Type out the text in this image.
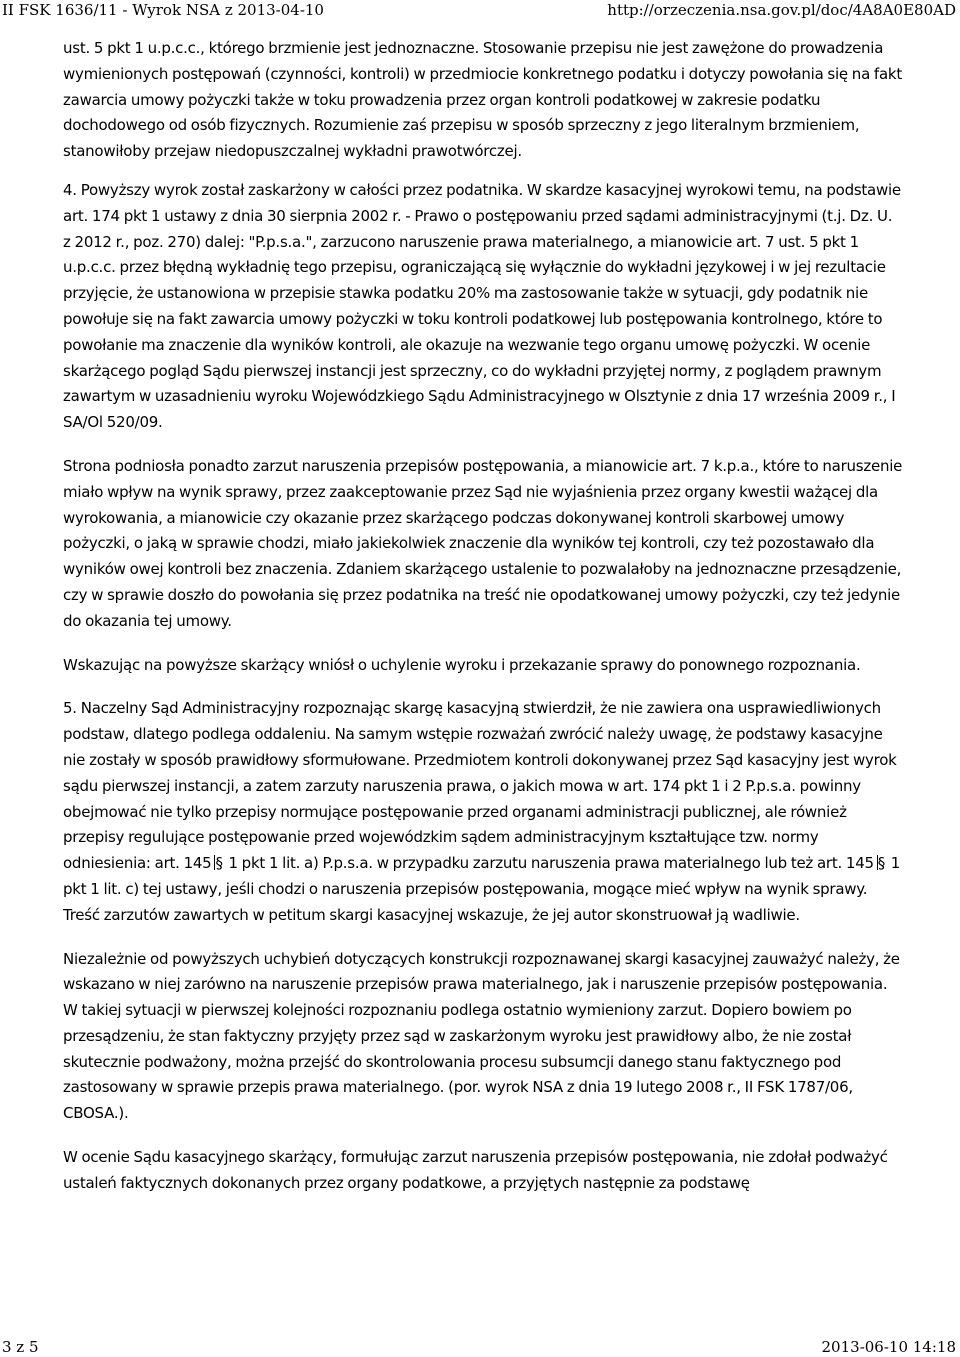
II FSK 1636/11 - Wyrok NSA z 2013-04-10	http://orzeczenia.nsa.gov.pl/doc/4A8A0E80AD

ust. 5 pkt 1 u.p.c.c., którego brzmienie jest jednoznaczne. Stosowanie przepisu nie jest zawężone do prowadzenia wymienionych postępowań (czynności, kontroli) w przedmiocie konkretnego podatku i dotyczy powołania się na fakt zawarcia umowy pożyczki także w toku prowadzenia przez organ kontroli podatkowej w zakresie podatku dochodowego od osób fizycznych. Rozumienie zaś przepisu w sposób sprzeczny z jego literalnym brzmieniem, stanowiłoby przejaw niedopuszczalnej wykładni prawotwórczej.

4. Powyższy wyrok został zaskarżony w całości przez podatnika. W skardze kasacyjnej wyrokowi temu, na podstawie art. 174 pkt 1 ustawy z dnia 30 sierpnia 2002 r. - Prawo o postępowaniu przed sądami administracyjnymi (t.j. Dz. U. z 2012 r., poz. 270) dalej: "P.p.s.a.", zarzucono naruszenie prawa materialnego, a mianowicie art. 7 ust. 5 pkt 1 u.p.c.c. przez błędną wykładnię tego przepisu, ograniczającą się wyłącznie do wykładni językowej i w jej rezultacie przyjęcie, że ustanowiona w przepisie stawka podatku 20% ma zastosowanie także w sytuacji, gdy podatnik nie powołuje się na fakt zawarcia umowy pożyczki w toku kontroli podatkowej lub postępowania kontrolnego, które to powołanie ma znaczenie dla wyników kontroli, ale okazuje na wezwanie tego organu umowę pożyczki. W ocenie skarżącego pogląd Sądu pierwszej instancji jest sprzeczny, co do wykładni przyjętej normy, z poglądem prawnym zawartym w uzasadnieniu wyroku Wojewódzkiego Sądu Administracyjnego w Olsztynie z dnia 17 września 2009 r., I SA/Ol 520/09.

Strona podniosła ponadto zarzut naruszenia przepisów postępowania, a mianowicie art. 7 k.p.a., które to naruszenie miało wpływ na wynik sprawy, przez zaakceptowanie przez Sąd nie wyjaśnienia przez organy kwestii ważącej dla wyrokowania, a mianowicie czy okazanie przez skarżącego podczas dokonywanej kontroli skarbowej umowy pożyczki, o jaką w sprawie chodzi, miało jakiekolwiek znaczenie dla wyników tej kontroli, czy też pozostawało dla wyników owej kontroli bez znaczenia. Zdaniem skarżącego ustalenie to pozwalałoby na jednoznaczne przesądzenie, czy w sprawie doszło do powołania się przez podatnika na treść nie opodatkowanej umowy pożyczki, czy też jedynie do okazania tej umowy.

Wskazując na powyższe skarżący wniósł o uchylenie wyroku i przekazanie sprawy do ponownego rozpoznania.

5. Naczelny Sąd Administracyjny rozpoznając skargę kasacyjną stwierdził, że nie zawiera ona usprawiedliwionych podstaw, dlatego podlega oddaleniu. Na samym wstępie rozważań zwrócić należy uwagę, że podstawy kasacyjne nie zostały w sposób prawidłowy sformułowane. Przedmiotem kontroli dokonywanej przez Sąd kasacyjny jest wyrok sądu pierwszej instancji, a zatem zarzuty naruszenia prawa, o jakich mowa w art. 174 pkt 1 i 2 P.p.s.a. powinny obejmować nie tylko przepisy normujące postępowanie przed organami administracji publicznej, ale również przepisy regulujące postępowanie przed wojewódzkim sądem administracyjnym kształtujące tzw. normy odniesienia: art. 145§ 1 pkt 1 lit. a) P.p.s.a. w przypadku zarzutu naruszenia prawa materialnego lub też art. 145§ 1 pkt 1 lit. c) tej ustawy, jeśli chodzi o naruszenia przepisów postępowania, mogące mieć wpływ na wynik sprawy. Treść zarzutów zawartych w petitum skargi kasacyjnej wskazuje, że jej autor skonstruował ją wadliwie.

Niezależnie od powyższych uchybień dotyczących konstrukcji rozpoznawanej skargi kasacyjnej zauważyć należy, że wskazano w niej zarówno na naruszenie przepisów prawa materialnego, jak i naruszenie przepisów postępowania. W takiej sytuacji w pierwszej kolejności rozpoznaniu podlega ostatnio wymieniony zarzut. Dopiero bowiem po przesądzeniu, że stan faktyczny przyjęty przez sąd w zaskarżonym wyroku jest prawidłowy albo, że nie został skutecznie podważony, można przejść do skontrolowania procesu subsumcji danego stanu faktycznego pod zastosowany w sprawie przepis prawa materialnego. (por. wyrok NSA z dnia 19 lutego 2008 r., II FSK 1787/06, CBOSA.).

W ocenie Sądu kasacyjnego skarżący, formułując zarzut naruszenia przepisów postępowania, nie zdołał podważyć ustaleń faktycznych dokonanych przez organy podatkowe, a przyjętych następnie za podstawę

3 z 5	2013-06-10 14:18
